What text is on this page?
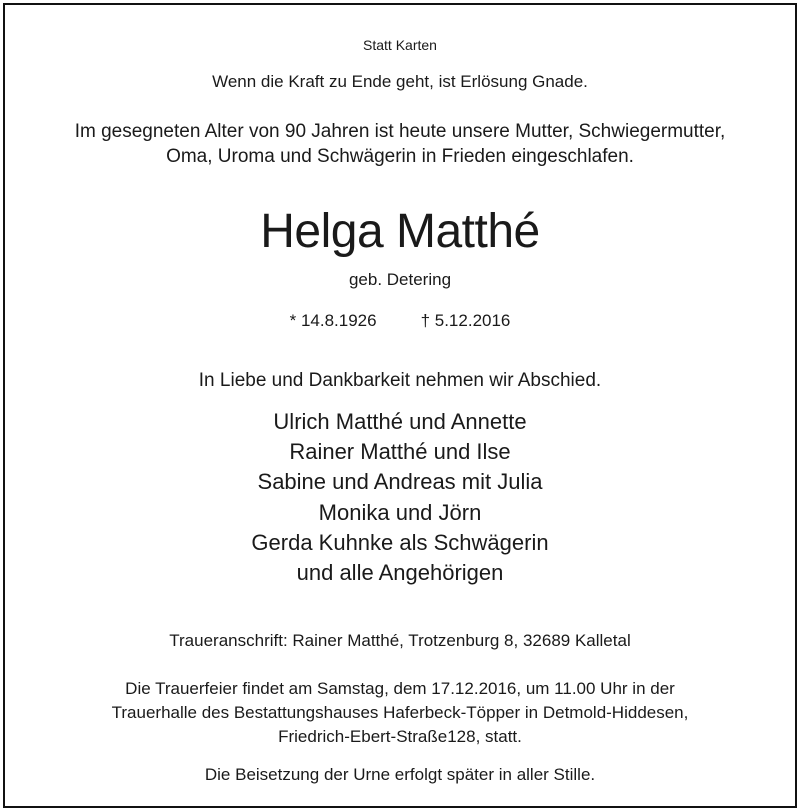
Statt Karten
Wenn die Kraft zu Ende geht, ist Erlösung Gnade.
Im gesegneten Alter von 90 Jahren ist heute unsere Mutter, Schwiegermutter,
Oma, Uroma und Schwägerin in Frieden eingeschlafen.
Helga Matthé
geb. Detering
* 14.8.1926	† 5.12.2016
In Liebe und Dankbarkeit nehmen wir Abschied.
Ulrich Matthé und Annette
Rainer Matthé und Ilse
Sabine und Andreas mit Julia
Monika und Jörn
Gerda Kuhnke als Schwägerin
und alle Angehörigen
Traueranschrift: Rainer Matthé, Trotzenburg 8, 32689 Kalletal
Die Trauerfeier findet am Samstag, dem 17.12.2016, um 11.00 Uhr in der
Trauerhalle des Bestattungshauses Haferbeck-Töpper in Detmold-Hiddesen,
Friedrich-Ebert-Straße128, statt.
Die Beisetzung der Urne erfolgt später in aller Stille.
